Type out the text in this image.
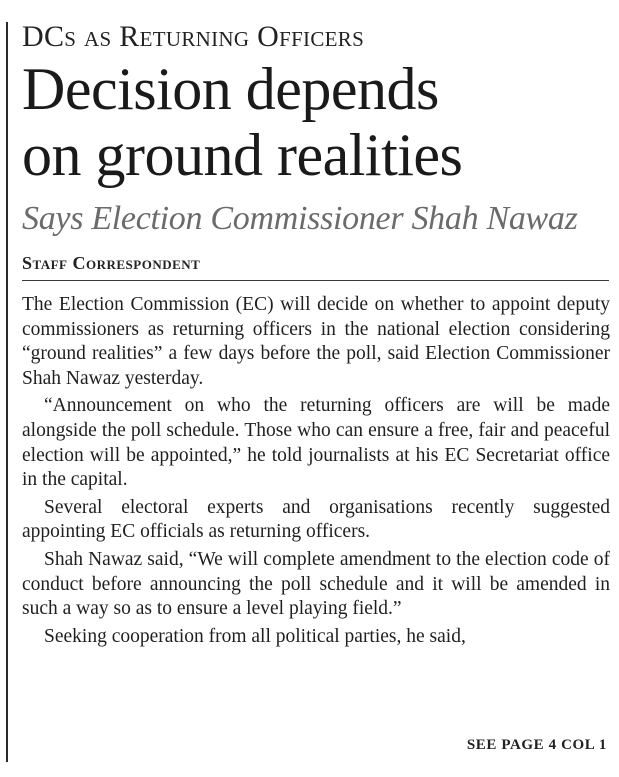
DCs as Returning Officers
Decision depends
on ground realities
Says Election Commissioner Shah Nawaz
Staff Correspondent

The Election Commission (EC) will decide on whether to appoint deputy commissioners as returning officers in the national election considering “ground realities” a few days before the poll, said Election Commissioner Shah Nawaz yesterday.

“Announcement on who the returning officers are will be made alongside the poll schedule. Those who can ensure a free, fair and peaceful election will be appointed,” he told journalists at his EC Secretariat office in the capital.

Several electoral experts and organisations recently suggested appointing EC officials as returning officers.

Shah Nawaz said, “We will complete amendment to the election code of conduct before announcing the poll schedule and it will be amended in such a way so as to ensure a level playing field.”

Seeking cooperation from all political parties, he said,

SEE PAGE 4 COL 1
